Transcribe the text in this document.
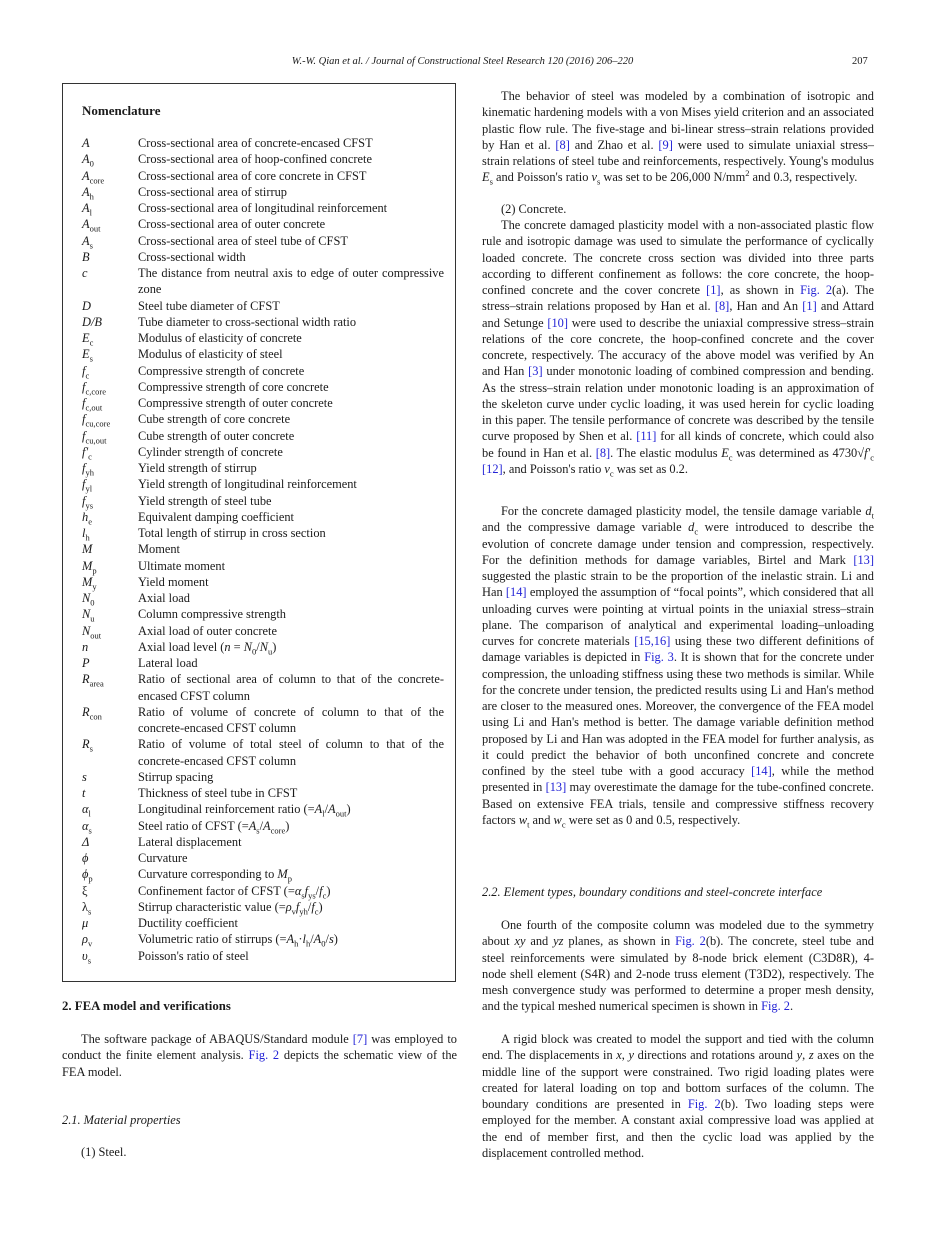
W.-W. Qian et al. / Journal of Constructional Steel Research 120 (2016) 206–220	207
Nomenclature
A	Cross-sectional area of concrete-encased CFST
$A_0$	Cross-sectional area of hoop-confined concrete
$A_{core}$	Cross-sectional area of core concrete in CFST
$A_h$	Cross-sectional area of stirrup
$A_l$	Cross-sectional area of longitudinal reinforcement
$A_{out}$	Cross-sectional area of outer concrete
$A_s$	Cross-sectional area of steel tube of CFST
B	Cross-sectional width
c	The distance from neutral axis to edge of outer compressive zone
D	Steel tube diameter of CFST
D/B	Tube diameter to cross-sectional width ratio
$E_c$	Modulus of elasticity of concrete
$E_s$	Modulus of elasticity of steel
$f_c$	Compressive strength of concrete
$f_{c,core}$	Compressive strength of core concrete
$f_{c,out}$	Compressive strength of outer concrete
$f_{cu,core}$	Cube strength of core concrete
$f_{cu,out}$	Cube strength of outer concrete
$f'_c$	Cylinder strength of concrete
$f_{yh}$	Yield strength of stirrup
$f_{yl}$	Yield strength of longitudinal reinforcement
$f_{ys}$	Yield strength of steel tube
$h_e$	Equivalent damping coefficient
$l_h$	Total length of stirrup in cross section
M	Moment
$M_p$	Ultimate moment
$M_y$	Yield moment
$N_0$	Axial load
$N_u$	Column compressive strength
$N_{out}$	Axial load of outer concrete
n	Axial load level $(n = N_0/N_u)$
P	Lateral load
$R_{area}$	Ratio of sectional area of column to that of the concrete-encased CFST column
$R_{con}$	Ratio of volume of concrete of column to that of the concrete-encased CFST column
$R_s$	Ratio of volume of total steel of column to that of the concrete-encased CFST column
s	Stirrup spacing
t	Thickness of steel tube in CFST
$\alpha_l$	Longitudinal reinforcement ratio $(=A_l/A_{out})$
$\alpha_s$	Steel ratio of CFST $(=A_s/A_{core})$
Δ	Lateral displacement
ϕ	Curvature
$\phi_p$	Curvature corresponding to $M_p$
ξ	Confinement factor of CFST $(=\alpha_sf_{ys}/f_c)$
$\lambda_s$	Stirrup characteristic value $(=\rho_vf_{yh}/f_c)$
μ	Ductility coefficient
$\rho_v$	Volumetric ratio of stirrups $(=A_h\cdot l_h/A_0/s)$
$\upsilon_s$	Poisson's ratio of steel
2. FEA model and verifications
The software package of ABAQUS/Standard module [7] was employed to conduct the finite element analysis. Fig. 2 depicts the schematic view of the FEA model.
2.1. Material properties
(1) Steel.
The behavior of steel was modeled by a combination of isotropic and kinematic hardening models with a von Mises yield criterion and an associated plastic flow rule. The five-stage and bi-linear stress–strain relations provided by Han et al. [8] and Zhao et al. [9] were used to simulate uniaxial stress–strain relations of steel tube and reinforcements, respectively. Young's modulus $E_s$ and Poisson's ratio $\nu_s$ was set to be 206,000 $N/mm^2$ and 0.3, respectively.
(2) Concrete.
The concrete damaged plasticity model with a non-associated plastic flow rule and isotropic damage was used to simulate the performance of cyclically loaded concrete. The concrete cross section was divided into three parts according to different confinement as follows: the core concrete, the hoop-confined concrete and the cover concrete [1], as shown in Fig. 2(a). The stress–strain relations proposed by Han et al. [8], Han and An [1] and Attard and Setunge [10] were used to describe the uniaxial compressive stress–strain relations of the core concrete, the hoop-confined concrete and the cover concrete, respectively. The accuracy of the above model was verified by An and Han [3] under monotonic loading of combined compression and bending. As the stress–strain relation under monotonic loading is an approximation of the skeleton curve under cyclic loading, it was used herein for cyclic loading in this paper. The tensile performance of concrete was described by the tensile curve proposed by Shen et al. [11] for all kinds of concrete, which could also be found in Han et al. [8]. The elastic modulus $E_c$ was determined as $4730√f'_c$ [12], and Poisson's ratio $\nu_c$ was set as 0.2.
For the concrete damaged plasticity model, the tensile damage variable $d_t$ and the compressive damage variable $d_c$ were introduced to describe the evolution of concrete damage under tension and compression, respectively. For the definition methods for damage variables, Birtel and Mark [13] suggested the plastic strain to be the proportion of the inelastic strain. Li and Han [14] employed the assumption of “focal points”, which considered that all unloading curves were pointing at virtual points in the uniaxial stress–strain plane. The comparison of analytical and experimental loading–unloading curves for concrete materials [15,16] using these two different definitions of damage variables is depicted in Fig. 3. It is shown that for the concrete under compression, the unloading stiffness using these two methods is similar. While for the concrete under tension, the predicted results using Li and Han's method are closer to the measured ones. Moreover, the convergence of the FEA model using Li and Han's method is better. The damage variable definition method proposed by Li and Han was adopted in the FEA model for further analysis, as it could predict the behavior of both unconfined concrete and concrete confined by the steel tube with a good accuracy [14], while the method presented in [13] may overestimate the damage for the tube-confined concrete. Based on extensive FEA trials, tensile and compressive stiffness recovery factors $w_t$ and $w_c$ were set as 0 and 0.5, respectively.
2.2. Element types, boundary conditions and steel-concrete interface
One fourth of the composite column was modeled due to the symmetry about xy and yz planes, as shown in Fig. 2(b). The concrete, steel tube and steel reinforcements were simulated by 8-node brick element (C3D8R), 4-node shell element (S4R) and 2-node truss element (T3D2), respectively. The mesh convergence study was performed to determine a proper mesh density, and the typical meshed numerical specimen is shown in Fig. 2.
A rigid block was created to model the support and tied with the column end. The displacements in x, y directions and rotations around y, z axes on the middle line of the support were constrained. Two rigid loading plates were created for lateral loading on top and bottom surfaces of the column. The boundary conditions are presented in Fig. 2(b). Two loading steps were employed for the member. A constant axial compressive load was applied at the end of member first, and then the cyclic load was applied by the displacement controlled method.
